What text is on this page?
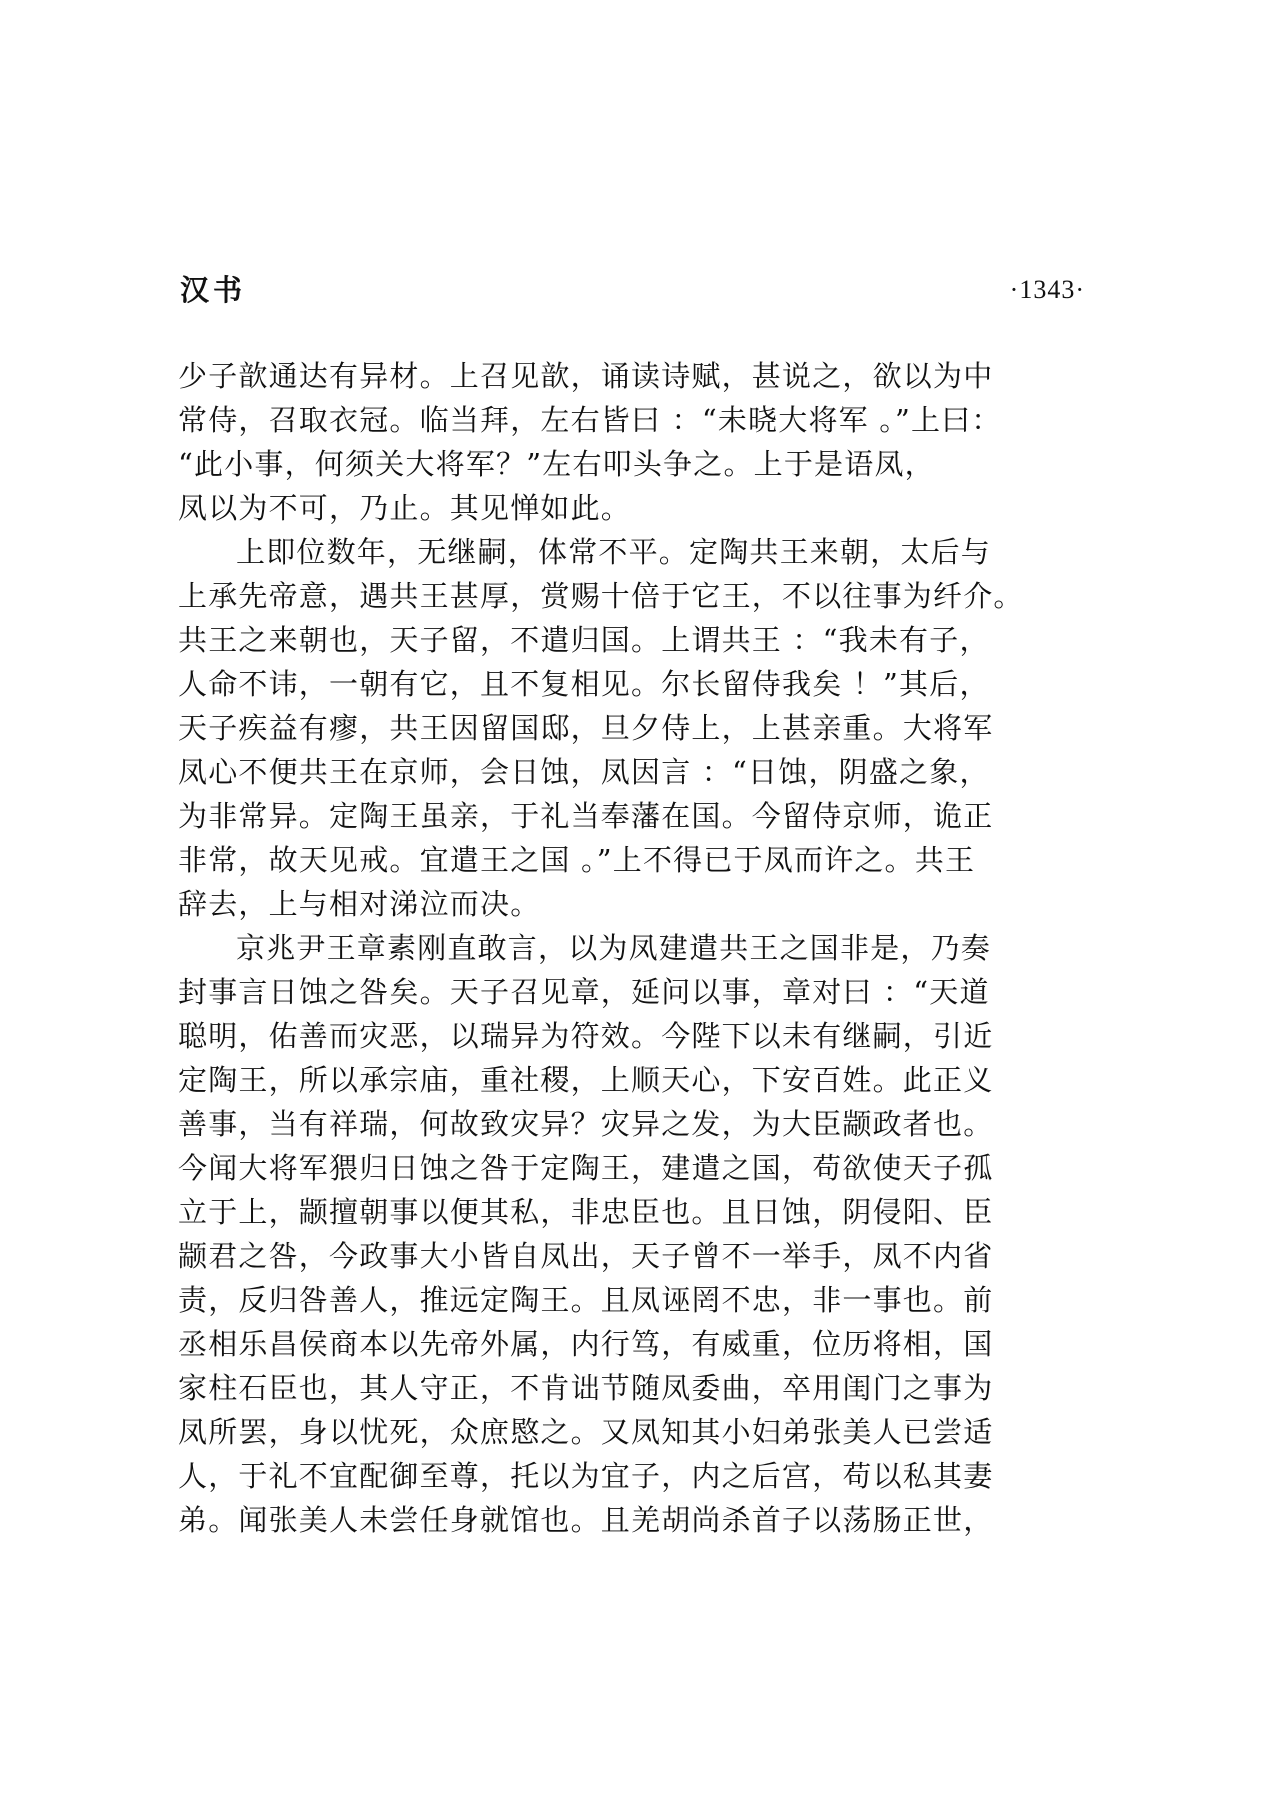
汉书	·1343·
少子歆通达有异材。上召见歆，诵读诗赋，甚说之，欲以为中
常侍，召取衣冠。临当拜，左右皆曰 ：“未晓大将军 。”上曰：
“此小事，何须关大将军？”左右叩头争之。上于是语凤，
凤以为不可，乃止。其见惮如此。
上即位数年，无继嗣，体常不平。定陶共王来朝，太后与
上承先帝意，遇共王甚厚，赏赐十倍于它王，不以往事为纤介。
共王之来朝也，天子留，不遣归国。上谓共王 ：“我未有子，
人命不讳，一朝有它，且不复相见。尔长留侍我矣 ！”其后，
天子疾益有瘳，共王因留国邸，旦夕侍上，上甚亲重。大将军
凤心不便共王在京师，会日蚀，凤因言 ：“日蚀，阴盛之象，
为非常异。定陶王虽亲，于礼当奉藩在国。今留侍京师，诡正
非常，故天见戒。宜遣王之国 。”上不得已于凤而许之。共王
辞去，上与相对涕泣而决。
京兆尹王章素刚直敢言，以为凤建遣共王之国非是，乃奏
封事言日蚀之咎矣。天子召见章，延问以事，章对曰 ：“天道
聪明，佑善而灾恶，以瑞异为符效。今陛下以未有继嗣，引近
定陶王，所以承宗庙，重社稷，上顺天心，下安百姓。此正义
善事，当有祥瑞，何故致灾异？灾异之发，为大臣颛政者也。
今闻大将军猥归日蚀之咎于定陶王，建遣之国，苟欲使天子孤
立于上，颛擅朝事以便其私，非忠臣也。且日蚀，阴侵阳、臣
颛君之咎，今政事大小皆自凤出，天子曾不一举手，凤不内省
责，反归咎善人，推远定陶王。且凤诬罔不忠，非一事也。前
丞相乐昌侯商本以先帝外属，内行笃，有威重，位历将相，国
家柱石臣也，其人守正，不肯诎节随凤委曲，卒用闺门之事为
凤所罢，身以忧死，众庶愍之。又凤知其小妇弟张美人已尝适
人，于礼不宜配御至尊，托以为宜子，内之后宫，苟以私其妻
弟。闻张美人未尝任身就馆也。且羌胡尚杀首子以荡肠正世，
